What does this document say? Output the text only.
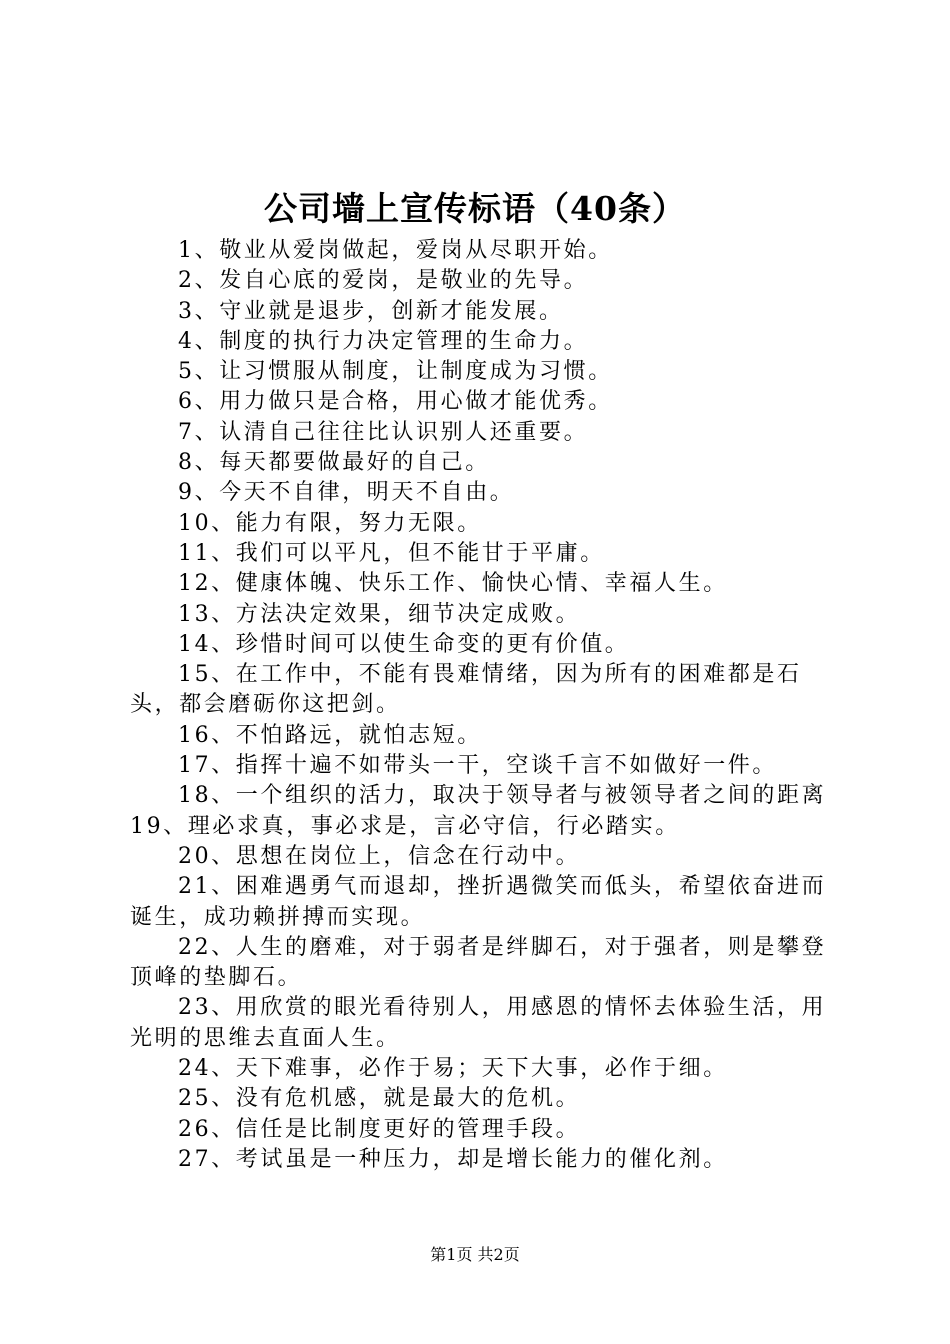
公司墙上宣传标语（40条）

1、敬业从爱岗做起，爱岗从尽职开始。

2、发自心底的爱岗，是敬业的先导。

3、守业就是退步，创新才能发展。

4、制度的执行力决定管理的生命力。

5、让习惯服从制度，让制度成为习惯。

6、用力做只是合格，用心做才能优秀。

7、认清自己往往比认识别人还重要。

8、每天都要做最好的自己。

9、今天不自律，明天不自由。

10、能力有限，努力无限。

11、我们可以平凡，但不能甘于平庸。

12、健康体魄、快乐工作、愉快心情、幸福人生。

13、方法决定效果，细节决定成败。

14、珍惜时间可以使生命变的更有价值。

15、在工作中，不能有畏难情绪，因为所有的困难都是石头，都会磨砺你这把剑。

16、不怕路远，就怕志短。

17、指挥十遍不如带头一干，空谈千言不如做好一件。

18、一个组织的活力，取决于领导者与被领导者之间的距离19、理必求真，事必求是，言必守信，行必踏实。

20、思想在岗位上，信念在行动中。

21、困难遇勇气而退却，挫折遇微笑而低头，希望依奋进而诞生，成功赖拼搏而实现。

22、人生的磨难，对于弱者是绊脚石，对于强者，则是攀登顶峰的垫脚石。

23、用欣赏的眼光看待别人，用感恩的情怀去体验生活，用光明的思维去直面人生。

24、天下难事，必作于易；天下大事，必作于细。

25、没有危机感，就是最大的危机。

26、信任是比制度更好的管理手段。

27、考试虽是一种压力，却是增长能力的催化剂。

第1页 共2页
